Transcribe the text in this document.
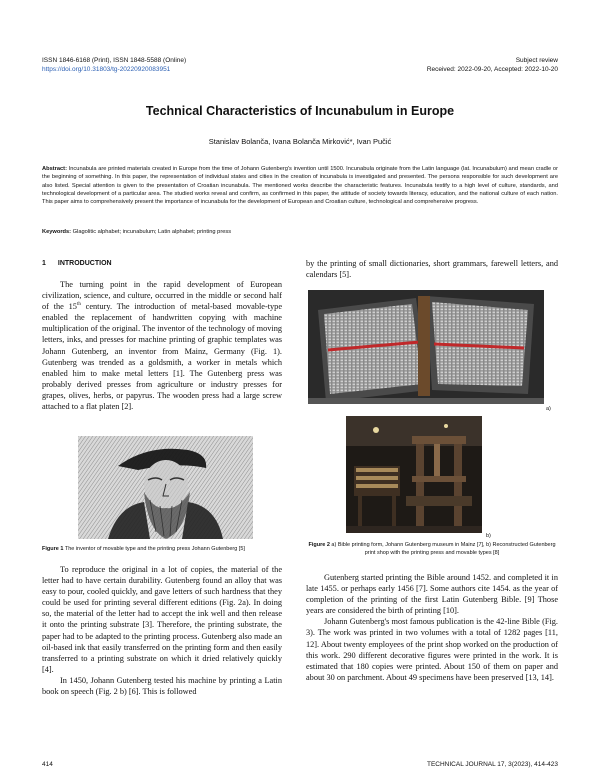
ISSN 1846-6168 (Print), ISSN 1848-5588 (Online)
https://doi.org/10.31803/tg-20220920083951
Subject review
Received: 2022-09-20, Accepted: 2022-10-20
Technical Characteristics of Incunabulum in Europe
Stanislav Bolanča, Ivana Bolanča Mirković*, Ivan Pučić
Abstract: Incunabula are printed materials created in Europe from the time of Johann Gutenberg's invention until 1500. Incunabula originate from the Latin language (lat. Incunabulum) and mean cradle or the beginning of something. In this paper, the representation of individual states and cities in the creation of incunabula is investigated and presented. The persons responsible for such development are also listed. Special attention is given to the presentation of Croatian incunabula. The mentioned works describe the characteristic features. Incunabula testify to a high level of culture, standards, and technological development of a particular area. The studied works reveal and confirm, as confirmed in this paper, the attitude of society towards literacy, education, and the national culture of each nation. This paper aims to comprehensively present the importance of incunabula for the development of European and Croatian culture, technological and comprehensive progress.
Keywords: Glagolitic alphabet; incunabulum; Latin alphabet; printing press
1 INTRODUCTION

The turning point in the rapid development of European civilization, science, and culture, occurred in the middle or second half of the 15th century. The introduction of metal-based movable-type enabled the replacement of handwritten copying with machine multiplication of the original. The inventor of the technology of moving letters, inks, and presses for machine printing of graphic templates was Johann Gutenberg, an inventor from Mainz, Germany (Fig. 1). Gutenberg was trended as a goldsmith, a worker in metals which enabled him to make metal letters [1]. The Gutenberg press was probably derived presses from agriculture or industry presses for grapes, olives, herbs, or papyrus. The wooden press had a large screw attached to a flat platen [2].

Figure 1 The inventor of movable type and the printing press Johann Gutenberg [5]

To reproduce the original in a lot of copies, the material of the letter had to have certain durability. Gutenberg found an alloy that was easy to pour, cooled quickly, and gave letters of such hardness that they could be used for printing several different editions (Fig. 2a). In doing so, the material of the letter had to accept the ink well and then release it onto the printing substrate [3]. Therefore, the printing substrate, the paper had to be adapted to the printing process. Gutenberg also made an oil-based ink that easily transferred on the printing form and then easily transferred to a printing substrate on which it dried relatively quickly [4].

In 1450, Johann Gutenberg tested his machine by printing a Latin book on speech (Fig. 2 b) [6]. This is followed

by the printing of small dictionaries, short grammars, farewell letters, and calendars [5].

a)
b)
Figure 2 a) Bible printing form, Johann Gutenberg museum in Mainz [7], b) Reconstructed Gutenberg print shop with the printing press and movable types [8]

Gutenberg started printing the Bible around 1452. and completed it in late 1455. or perhaps early 1456 [7]. Some authors cite 1454. as the year of completion of the printing of the first Latin Gutenberg Bible. [9] Those years are considered the birth of printing [10].

Johann Gutenberg's most famous publication is the 42-line Bible (Fig. 3). The work was printed in two volumes with a total of 1282 pages [11, 12]. About twenty employees of the print shop worked on the production of this work. 290 different decorative figures were printed in the work. It is estimated that 180 copies were printed. About 150 of them on paper and about 30 on parchment. About 49 specimens have been preserved [13, 14].

414	TECHNICAL JOURNAL 17, 3(2023), 414-423
